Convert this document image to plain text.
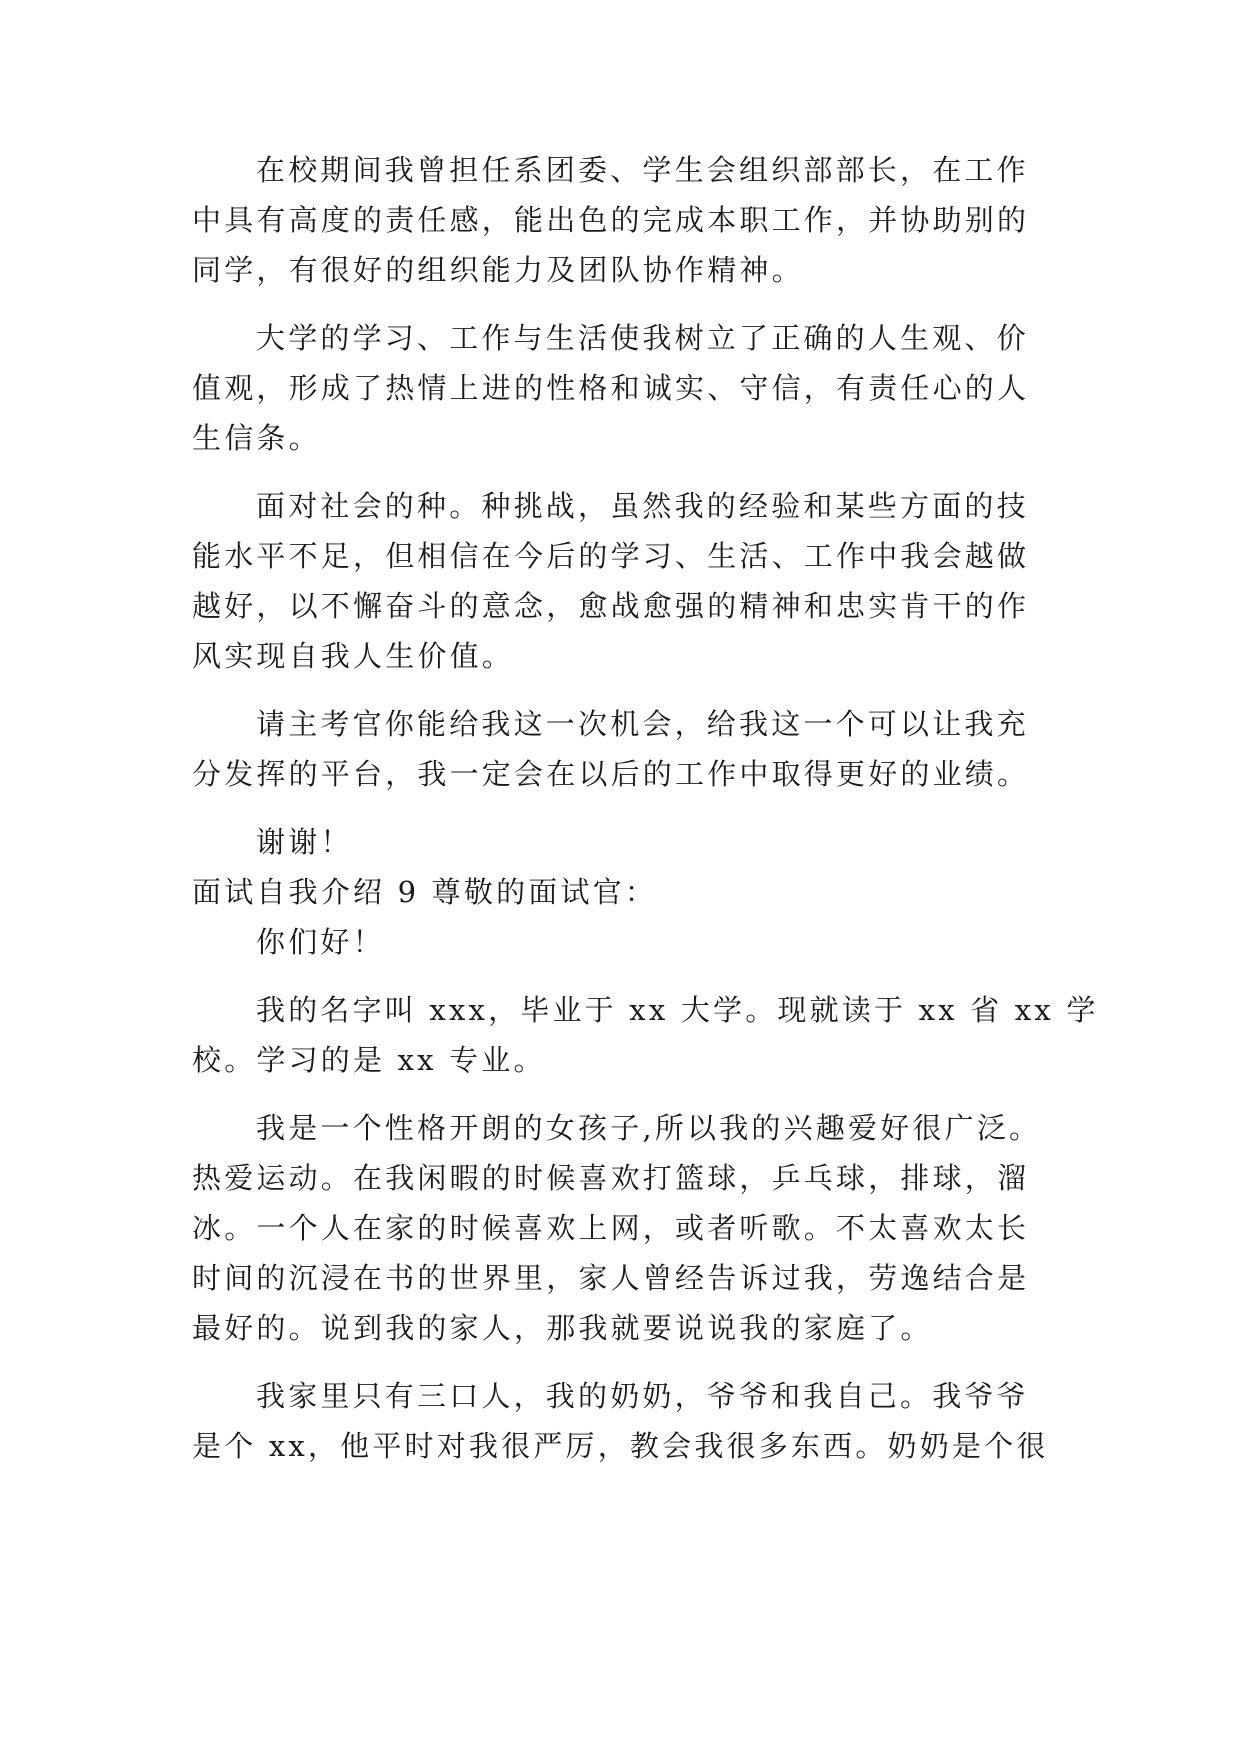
在校期间我曾担任系团委、学生会组织部部长，在工作
中具有高度的责任感，能出色的完成本职工作，并协助别的
同学，有很好的组织能力及团队协作精神。
大学的学习、工作与生活使我树立了正确的人生观、价
值观，形成了热情上进的性格和诚实、守信，有责任心的人
生信条。
面对社会的种。种挑战，虽然我的经验和某些方面的技
能水平不足，但相信在今后的学习、生活、工作中我会越做
越好，以不懈奋斗的意念，愈战愈强的精神和忠实肯干的作
风实现自我人生价值。
请主考官你能给我这一次机会，给我这一个可以让我充
分发挥的平台，我一定会在以后的工作中取得更好的业绩。
谢谢！
面试自我介绍 9 尊敬的面试官：
你们好！
我的名字叫 xxx，毕业于 xx 大学。现就读于 xx 省 xx 学
校。学习的是 xx 专业。
我是一个性格开朗的女孩子,所以我的兴趣爱好很广泛。
热爱运动。在我闲暇的时候喜欢打篮球，乒乓球，排球，溜
冰。一个人在家的时候喜欢上网，或者听歌。不太喜欢太长
时间的沉浸在书的世界里，家人曾经告诉过我，劳逸结合是
最好的。说到我的家人，那我就要说说我的家庭了。
我家里只有三口人，我的奶奶，爷爷和我自己。我爷爷
是个 xx，他平时对我很严厉，教会我很多东西。奶奶是个很
